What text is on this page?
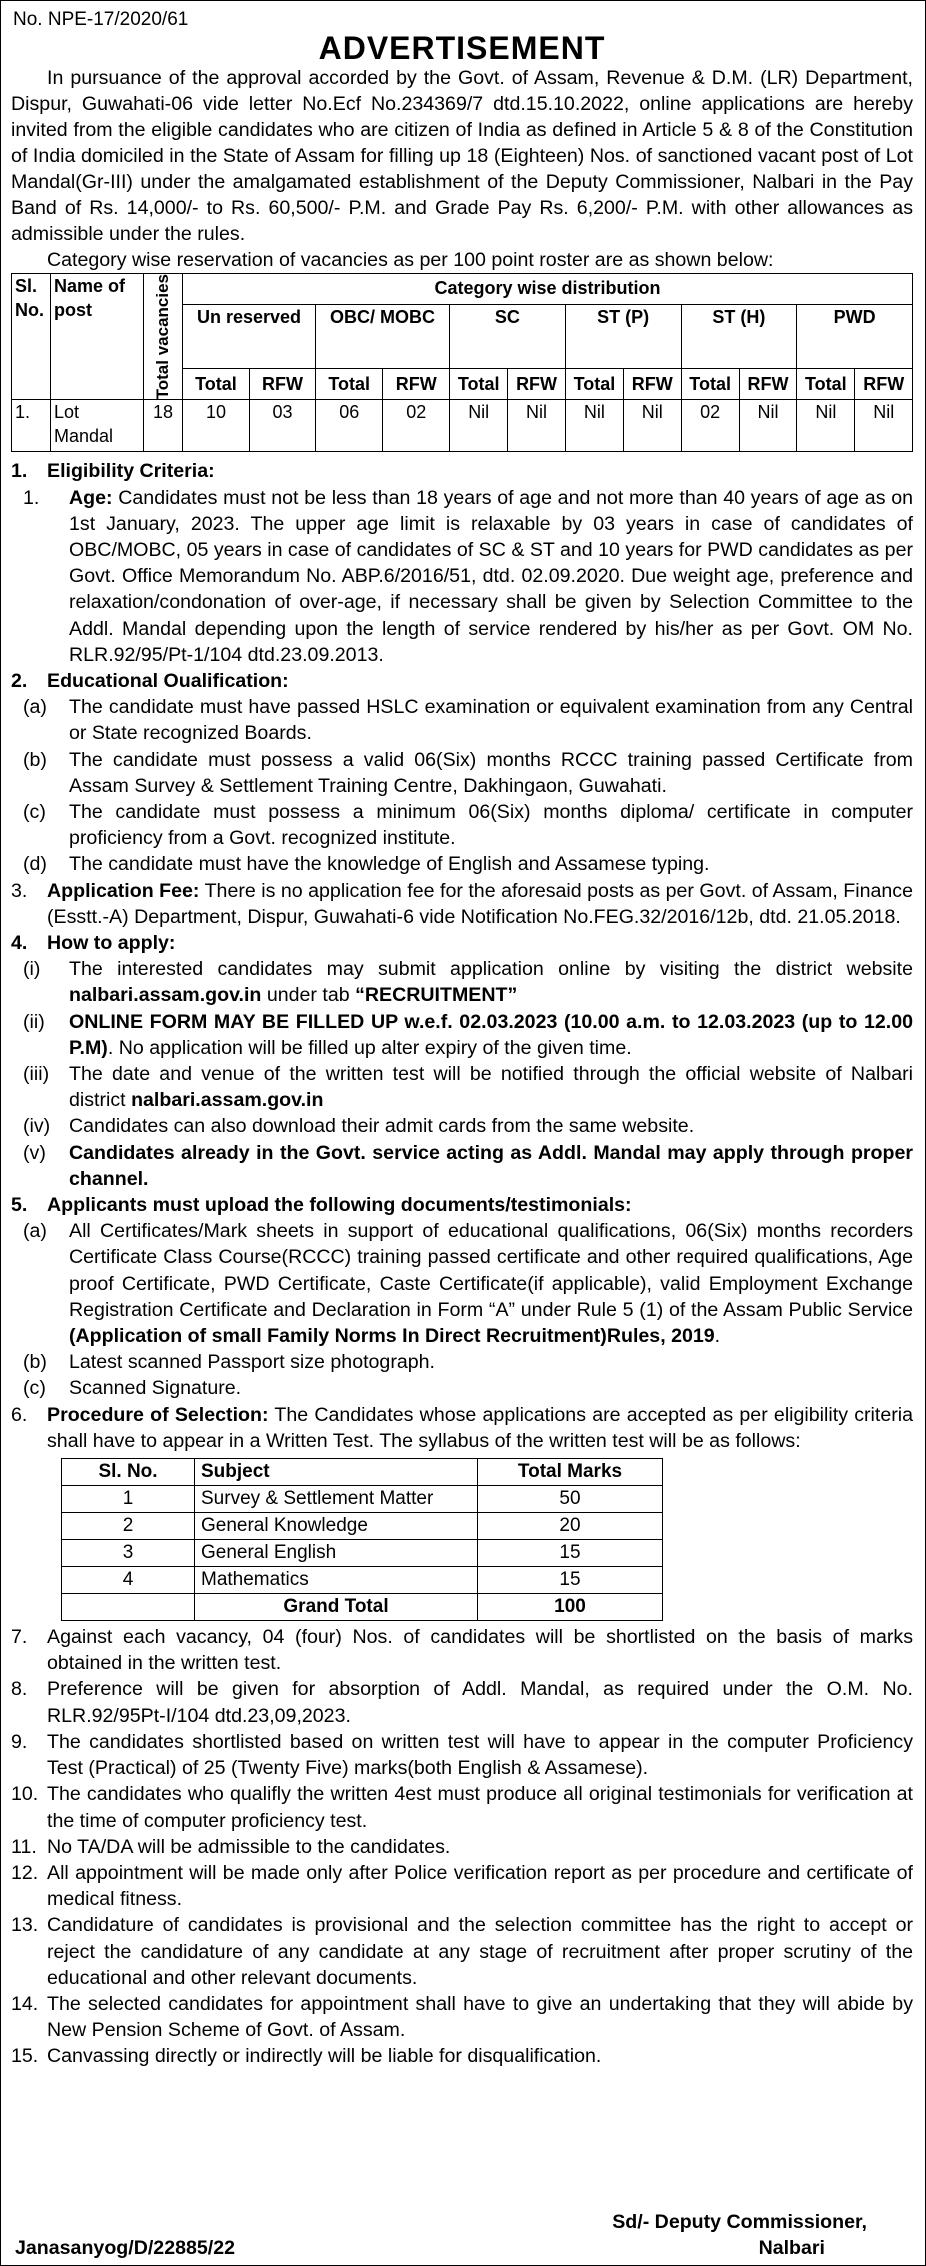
No. NPE-17/2020/61
ADVERTISEMENT

In pursuance of the approval accorded by the Govt. of Assam, Revenue & D.M. (LR) Department, Dispur, Guwahati-06 vide letter No.Ecf No.234369/7 dtd.15.10.2022, online applications are hereby invited from the eligible candidates who are citizen of India as defined in Article 5 & 8 of the Constitution of India domiciled in the State of Assam for filling up 18 (Eighteen) Nos. of sanctioned vacant post of Lot Mandal(Gr-III) under the amalgamated establishment of the Deputy Commissioner, Nalbari in the Pay Band of Rs. 14,000/- to Rs. 60,500/- P.M. and Grade Pay Rs. 6,200/- P.M. with other allowances as admissible under the rules.

Category wise reservation of vacancies as per 100 point roster are as shown below:

Sl. No.	Name of post	Total vacancies	Category wise distribution											
			Un reserved		OBC/ MOBC		SC		ST (P)		ST (H)		PWD	
			Total	RFW	Total	RFW	Total	RFW	Total	RFW	Total	RFW	Total	RFW
1.	Lot Mandal	18	10	03	06	02	Nil	Nil	Nil	Nil	02	Nil	Nil	Nil
1.	Eligibility Criteria:
1.	Age: Candidates must not be less than 18 years of age and not more than 40 years of age as on 1st January, 2023. The upper age limit is relaxable by 03 years in case of candidates of OBC/MOBC, 05 years in case of candidates of SC & ST and 10 years for PWD candidates as per Govt. Office Memorandum No. ABP.6/2016/51, dtd. 02.09.2020. Due weight age, preference and relaxation/condonation of over-age, if necessary shall be given by Selection Committee to the Addl. Mandal depending upon the length of service rendered by his/her as per Govt. OM No. RLR.92/95/Pt-1/104 dtd.23.09.2013.
2.	Educational Oualification:
(a)	The candidate must have passed HSLC examination or equivalent examination from any Central or State recognized Boards.
(b)	The candidate must possess a valid 06(Six) months RCCC training passed Certificate from Assam Survey & Settlement Training Centre, Dakhingaon, Guwahati.
(c)	The candidate must possess a minimum 06(Six) months diploma/ certificate in computer proficiency from a Govt. recognized institute.
(d)	The candidate must have the knowledge of English and Assamese typing.
3.	Application Fee: There is no application fee for the aforesaid posts as per Govt. of Assam, Finance (Esstt.-A) Department, Dispur, Guwahati-6 vide Notification No.FEG.32/2016/12b, dtd. 21.05.2018.
4.	How to apply:
(i)	The interested candidates may submit application online by visiting the district website nalbari.assam.gov.in under tab “RECRUITMENT”
(ii)	ONLINE FORM MAY BE FILLED UP w.e.f. 02.03.2023 (10.00 a.m. to 12.03.2023 (up to 12.00 P.M). No application will be filled up alter expiry of the given time.
(iii)	The date and venue of the written test will be notified through the official website of Nalbari district nalbari.assam.gov.in
(iv) Candidates can also download their admit cards from the same website.
(v)	Candidates already in the Govt. service acting as Addl. Mandal may apply through proper channel.
5.	Applicants must upload the following documents/testimonials:
(a)	All Certificates/Mark sheets in support of educational qualifications, 06(Six) months recorders Certificate Class Course(RCCC) training passed certificate and other required qualifications, Age proof Certificate, PWD Certificate, Caste Certificate(if applicable), valid Employment Exchange Registration Certificate and Declaration in Form “A” under Rule 5 (1) of the Assam Public Service (Application of small Family Norms In Direct Recruitment)Rules, 2019.
(b)	Latest scanned Passport size photograph.
(c)	Scanned Signature.
6.	Procedure of Selection: The Candidates whose applications are accepted as per eligibility criteria shall have to appear in a Written Test. The syllabus of the written test will be as follows:
Sl. No.	Subject	Total Marks
1	Survey & Settlement Matter	50
2	General Knowledge	20
3	General English	15
4	Mathematics	15
	Grand Total	100
7.	Against each vacancy, 04 (four) Nos. of candidates will be shortlisted on the basis of marks obtained in the written test.
8.	Preference will be given for absorption of Addl. Mandal, as required under the O.M. No. RLR.92/95Pt-I/104 dtd.23,09,2023.
9.	The candidates shortlisted based on written test will have to appear in the computer Proficiency Test (Practical) of 25 (Twenty Five) marks(both English & Assamese).
10. The candidates who qualifly the written 4est must produce all original testimonials for verification at the time of computer proficiency test.
11. No TA/DA will be admissible to the candidates.
12. All appointment will be made only after Police verification report as per procedure and certificate of medical fitness.
13. Candidature of candidates is provisional and the selection committee has the right to accept or reject the candidature of any candidate at any stage of recruitment after proper scrutiny of the educational and other relevant documents.
14. The selected candidates for appointment shall have to give an undertaking that they will abide by New Pension Scheme of Govt. of Assam.
15. Canvassing directly or indirectly will be liable for disqualification.
Sd/- Deputy Commissioner,
Janasanyog/D/22885/22	Nalbari
